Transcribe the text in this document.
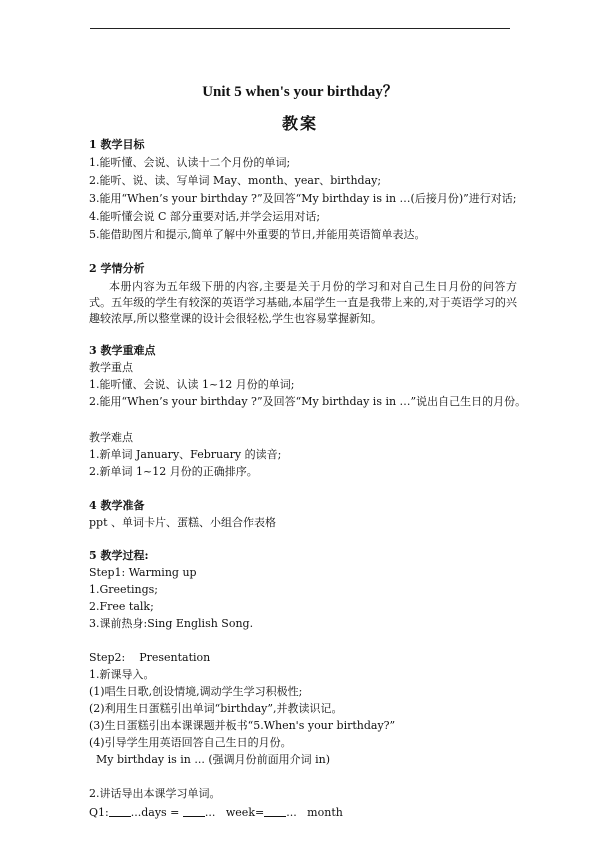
Unit 5 when's your birthday？
教案
1 教学目标
1.能听懂、会说、认读十二个月份的单词;
2.能听、说、读、写单词 May、month、year、birthday;
3.能用“When’s your birthday ?”及回答“My birthday is in …(后接月份)”进行对话;
4.能听懂会说 C 部分重要对话,并学会运用对话;
5.能借助图片和提示,简单了解中外重要的节日,并能用英语简单表达。
2 学情分析
本册内容为五年级下册的内容,主要是关于月份的学习和对自己生日月份的问答方式。五年级的学生有较深的英语学习基础,本届学生一直是我带上来的,对于英语学习的兴趣较浓厚,所以整堂课的设计会很轻松,学生也容易掌握新知。
3 教学重难点
教学重点
1.能听懂、会说、认读 1~12 月份的单词;
2.能用“When’s your birthday ?”及回答“My birthday is in …”说出自己生日的月份。
教学难点
1.新单词 January、February 的读音;
2.新单词 1~12 月份的正确排序。
4 教学准备
ppt 、单词卡片、蛋糕、小组合作表格
5 教学过程:
Step1: Warming up
1.Greetings;
2.Free talk;
3.课前热身:Sing English Song.
Step2:    Presentation
1.新课导入。
(1)唱生日歌,创设情境,调动学生学习积极性;
(2)利用生日蛋糕引出单词“birthday”,并教读识记。
(3)生日蛋糕引出本课课题并板书“5.When's your birthday?”
(4)引导学生用英语回答自己生日的月份。
My birthday is in ... (强调月份前面用介词 in)
2.讲话导出本课学习单词。
Q1: ...days = ...   week= ...   month
